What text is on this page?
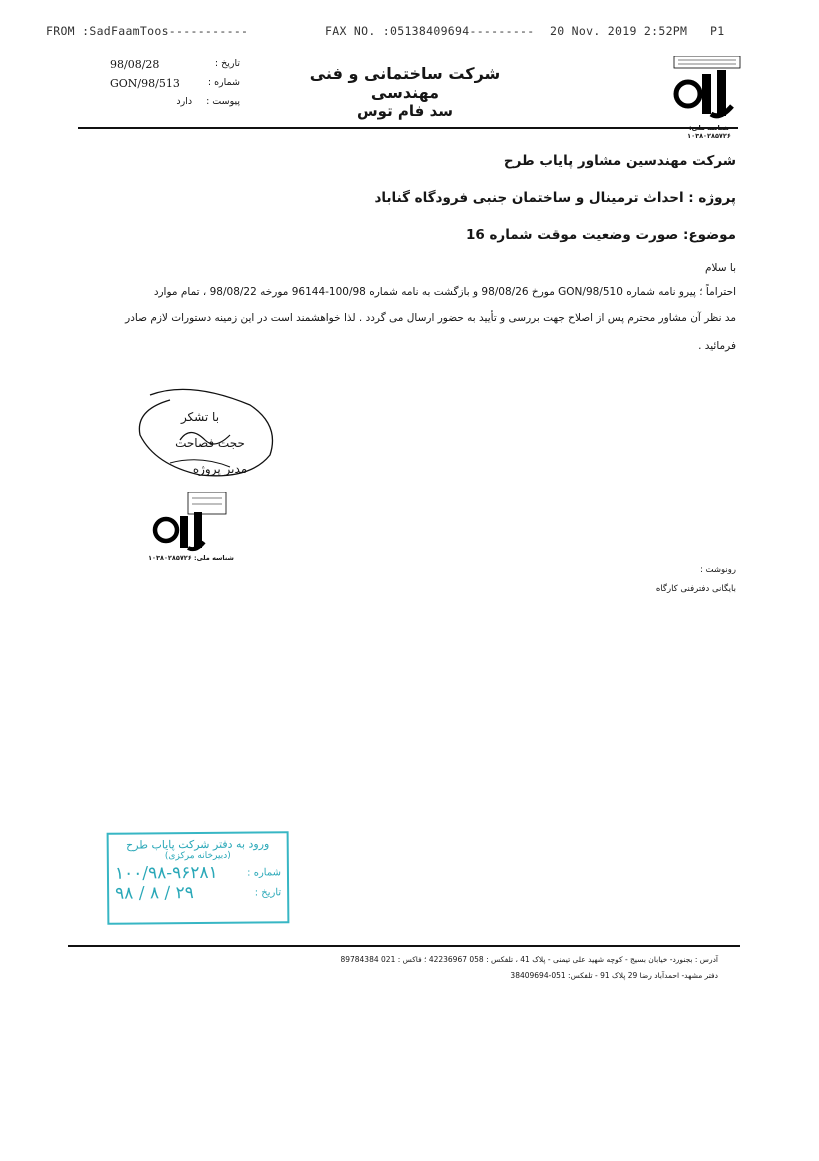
FROM :SadFaamToos-----------	FAX NO. :05138409694--------- 20 Nov. 2019 2:52PM P1
98/08/28	تاریخ :
GON/98/513	شماره :
دارد پیوست :
شرکت ساختمانی و فنی مهندسی
سد فام توس
۱۰۳۸۰۲۸۵۷۲۶
شرکت مهندسین مشاور پایاب طرح
پروژه : احداث ترمینال و ساختمان جنبی فرودگاه گناباد
موضوع: صورت وضعیت موقت شماره 16
با سلام
احتراماً ؛ پیرو نامه شماره GON/98/510 مورخ 98/08/26 و بازگشت به نامه شماره 100/98-96144 مورخه 98/08/22 ، تمام موارد
مد نظر آن مشاور محترم پس از اصلاح جهت بررسی و تأیید به حضور ارسال می گردد . لذا خواهشمند است در این زمینه دستورات لازم صادر
فرمائید .
با تشکر
حجت فصاحت
مدیر پروژه
شناسه ملی: ۱۰۳۸۰۲۸۵۷۲۶
رونوشت :
بایگانی دفترفنی کارگاه
ورود به دفتر شرکت پایاب طرح
(دبیرخانه مرکزی)
شماره :
۱۰۰/۹۸-۹۶۲۸۱
تاریخ :
۹۸ / ۸ / ۲۹
آدرس : بجنورد- خیابان بسیج - کوچه شهید علی تیمنی - پلاک 41 ، تلفکس : 058 42236967 ؛ فاکس : 021 89784384
دفتر مشهد- احمدآباد رضا 29 پلاک 91 - تلفکس: 051-38409694
